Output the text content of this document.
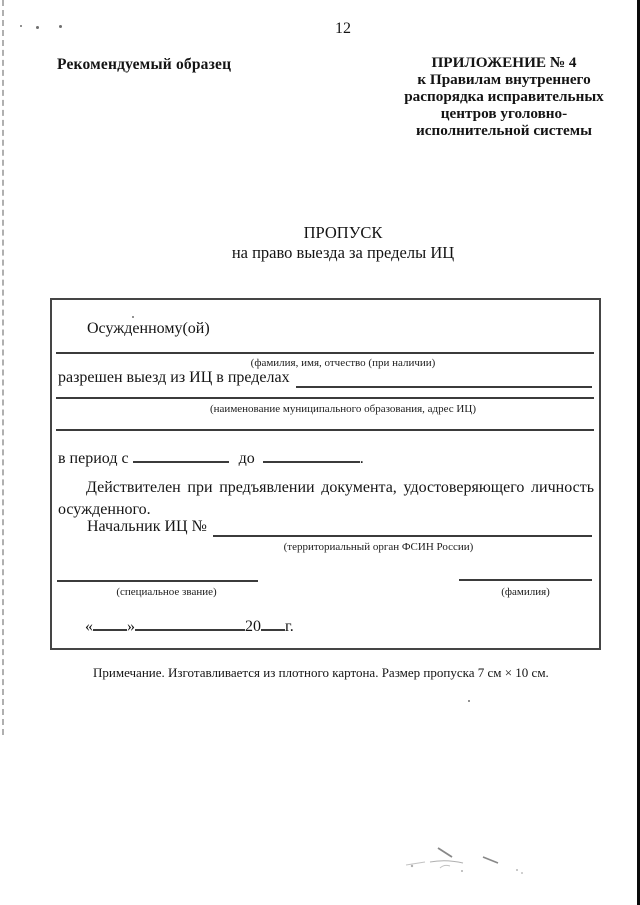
12
Рекомендуемый образец	ПРИЛОЖЕНИЕ № 4
к Правилам внутреннего
распорядка исправительных
центров уголовно-
исполнительной системы
ПРОПУСК
на право выезда за пределы ИЦ
Осужденному(ой)
(фамилия, имя, отчество (при наличии)
разрешен выезд из ИЦ в пределах
(наименование муниципального образования, адрес ИЦ)
в период с	до	.
Действителен при предъявлении документа, удостоверяющего личность
осужденного.
Начальник ИЦ №
(территориальный орган ФСИН России)
(специальное звание)	(фамилия)
« »	20 г.
Примечание. Изготавливается из плотного картона. Размер пропуска 7 см × 10 см.
